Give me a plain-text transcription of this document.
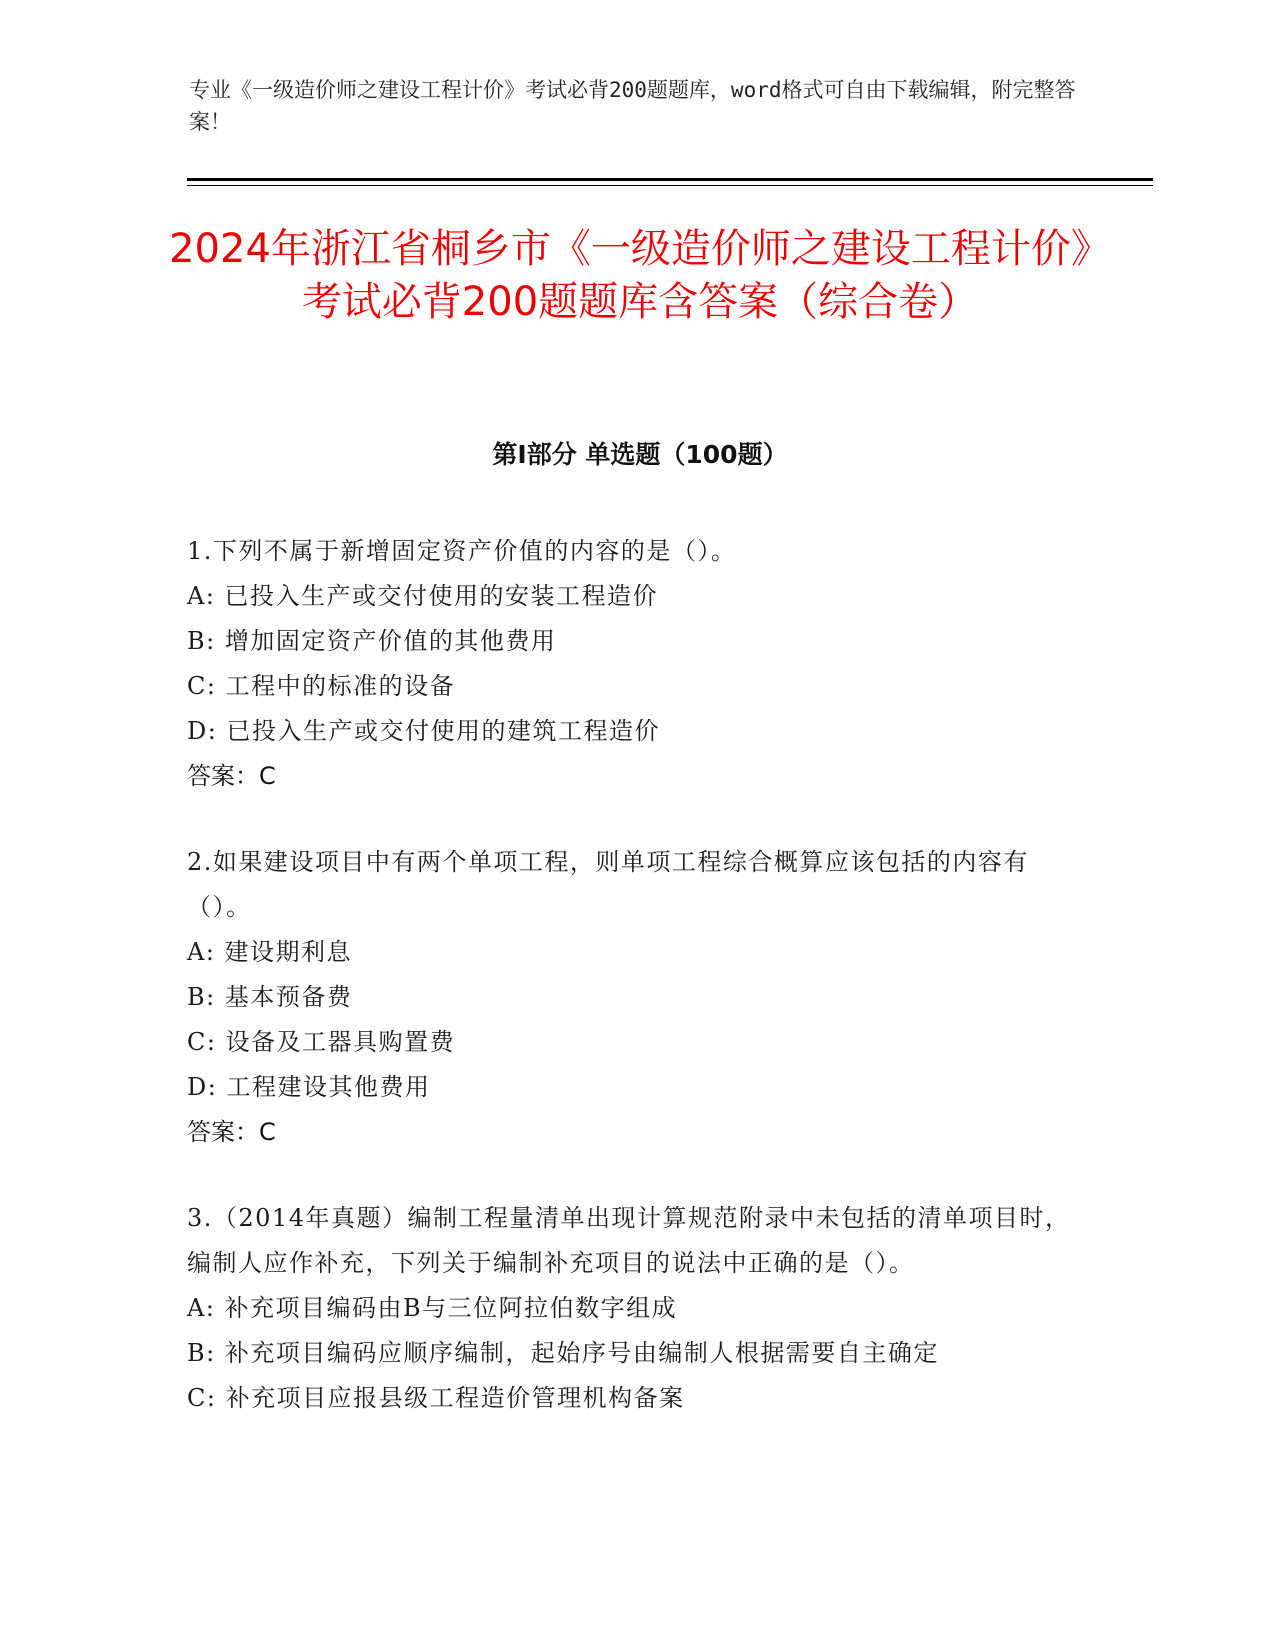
专业《一级造价师之建设工程计价》考试必背200题题库，word格式可自由下载编辑，附完整答案！
2024年浙江省桐乡市《一级造价师之建设工程计价》考试必背200题题库含答案（综合卷）
第I部分 单选题（100题）
1.下列不属于新增固定资产价值的内容的是（）。
A: 已投入生产或交付使用的安装工程造价
B: 增加固定资产价值的其他费用
C: 工程中的标准的设备
D: 已投入生产或交付使用的建筑工程造价
答案：C
2.如果建设项目中有两个单项工程，则单项工程综合概算应该包括的内容有（）。
A: 建设期利息
B: 基本预备费
C: 设备及工器具购置费
D: 工程建设其他费用
答案：C
3.（2014年真题）编制工程量清单出现计算规范附录中未包括的清单项目时，编制人应作补充，下列关于编制补充项目的说法中正确的是（）。
A: 补充项目编码由B与三位阿拉伯数字组成
B: 补充项目编码应顺序编制，起始序号由编制人根据需要自主确定
C: 补充项目应报县级工程造价管理机构备案
